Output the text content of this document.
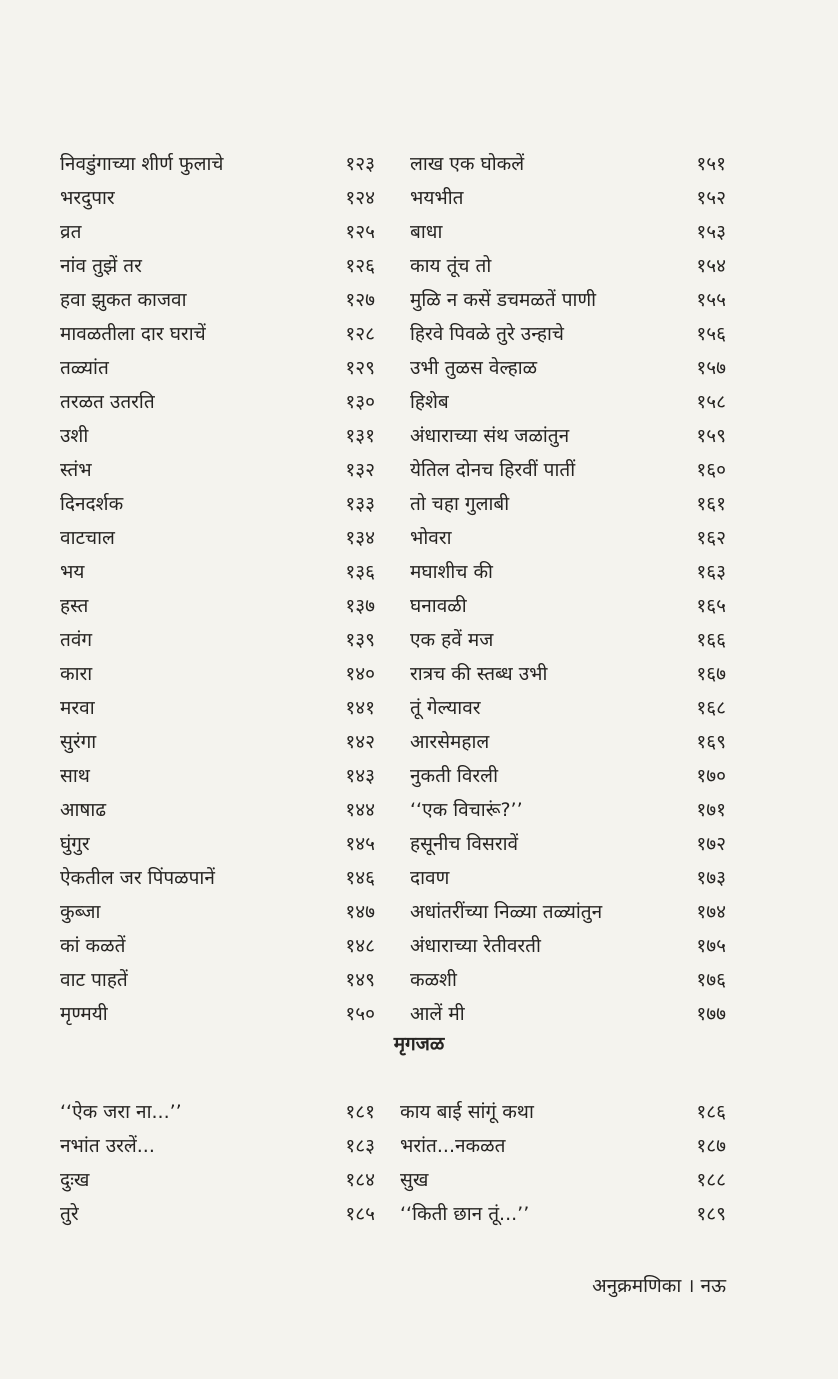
निवडुंगाच्या शीर्ण फुलाचे	१२३
भरदुपार	१२४
व्रत	१२५
नांव तुझें तर	१२६
हवा झुकत काजवा	१२७
मावळतीला दार घराचें	१२८
तळ्यांत	१२९
तरळत उतरति	१३०
उशी	१३१
स्तंभ	१३२
दिनदर्शक	१३३
वाटचाल	१३४
भय	१३६
हस्त	१३७
तवंग	१३९
कारा	१४०
मरवा	१४१
सुरंगा	१४२
साथ	१४३
आषाढ	१४४
घुंगुर	१४५
ऐकतील जर पिंपळपानें	१४६
कुब्जा	१४७
कां कळतें	१४८
वाट पाहतें	१४९
मृण्मयी	१५०
लाख एक घोकलें	१५१
भयभीत	१५२
बाधा	१५३
काय तूंच तो	१५४
मुळि न कसें डचमळतें पाणी	१५५
हिरवे पिवळे तुरे उन्हाचे	१५६
उभी तुळस वेल्हाळ	१५७
हिशेब	१५८
अंधाराच्या संथ जळांतुन	१५९
येतिल दोनच हिरवीं पातीं	१६०
तो चहा गुलाबी	१६१
भोवरा	१६२
मघाशीच की	१६३
घनावळी	१६५
एक हवें मज	१६६
रात्रच की स्तब्ध उभी	१६७
तूं गेल्यावर	१६८
आरसेमहाल	१६९
नुकती विरली	१७०
‘‘एक विचारूं?’’	१७१
हसूनीच विसरावें	१७२
दावण	१७३
अधांतरींच्या निळ्या तळ्यांतुन	१७४
अंधाराच्या रेतीवरती	१७५
कळशी	१७६
आलें मी	१७७
मृगजळ
‘‘ऐक जरा ना...’’	१८१
नभांत उरलें...	१८३
दुःख	१८४
तुरे	१८५
काय बाई सांगूं कथा	१८६
भरांत...नकळत	१८७
सुख	१८८
‘‘किती छान तूं...’’	१८९
अनुक्रमणिका । नऊ
